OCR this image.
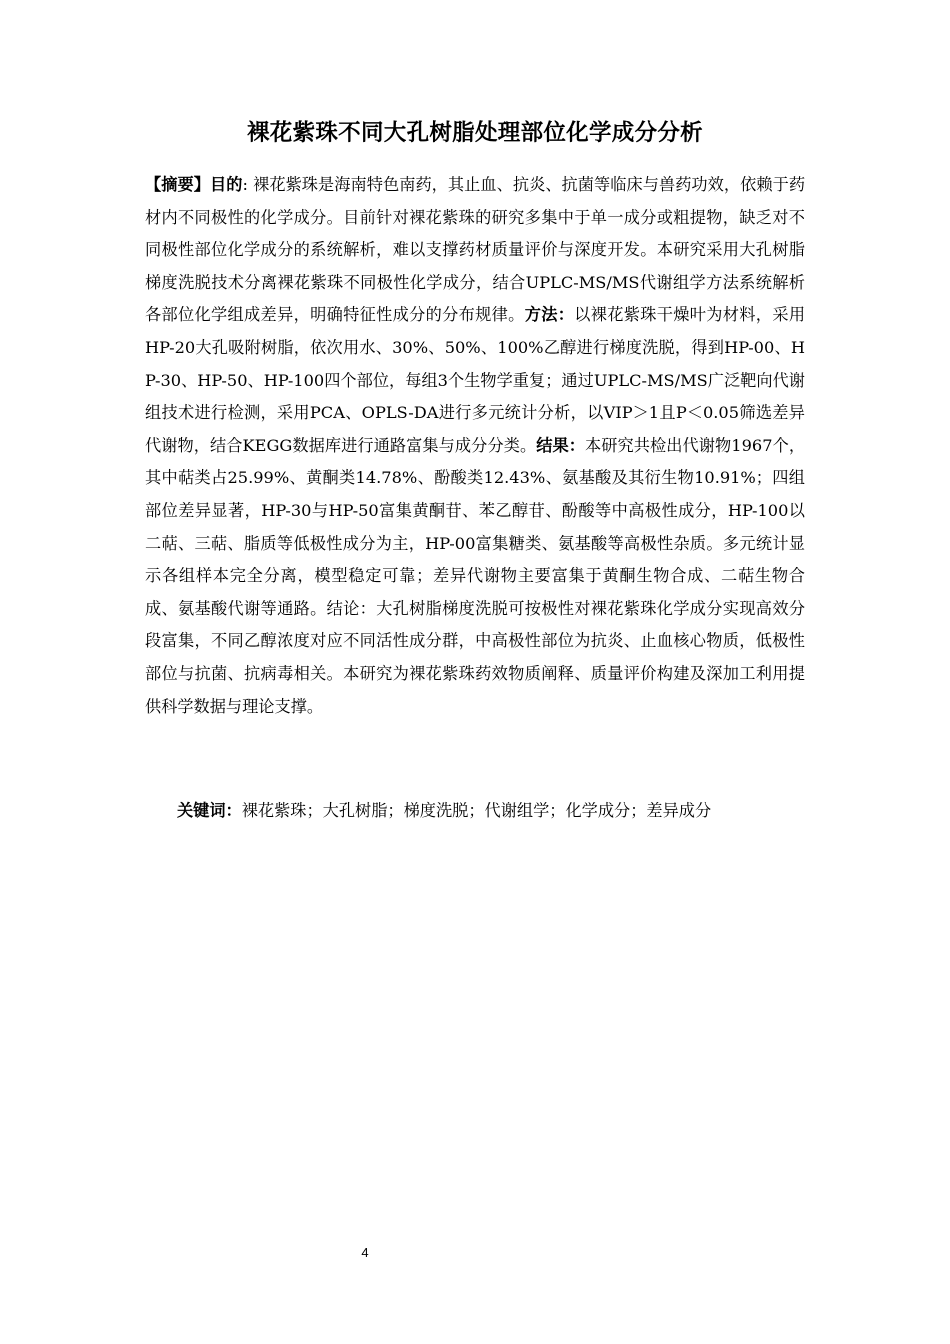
裸花紫珠不同大孔树脂处理部位化学成分分析
【摘要】目的: 裸花紫珠是海南特色南药，其止血、抗炎、抗菌等临床与兽药功效，依赖于药材内不同极性的化学成分。目前针对裸花紫珠的研究多集中于单一成分或粗提物，缺乏对不同极性部位化学成分的系统解析，难以支撑药材质量评价与深度开发。本研究采用大孔树脂梯度洗脱技术分离裸花紫珠不同极性化学成分，结合UPLC-MS/MS代谢组学方法系统解析各部位化学组成差异，明确特征性成分的分布规律。方法：以裸花紫珠干燥叶为材料，采用HP-20大孔吸附树脂，依次用水、30%、50%、100%乙醇进行梯度洗脱，得到HP-00、HP-30、HP-50、HP-100四个部位，每组3个生物学重复；通过UPLC-MS/MS广泛靶向代谢组技术进行检测，采用PCA、OPLS-DA进行多元统计分析，以VIP＞1且P＜0.05筛选差异代谢物，结合KEGG数据库进行通路富集与成分分类。结果：本研究共检出代谢物1967个，其中萜类占25.99%、黄酮类14.78%、酚酸类12.43%、氨基酸及其衍生物10.91%；四组部位差异显著，HP-30与HP-50富集黄酮苷、苯乙醇苷、酚酸等中高极性成分，HP-100以二萜、三萜、脂质等低极性成分为主，HP-00富集糖类、氨基酸等高极性杂质。多元统计显示各组样本完全分离，模型稳定可靠；差异代谢物主要富集于黄酮生物合成、二萜生物合成、氨基酸代谢等通路。结论：大孔树脂梯度洗脱可按极性对裸花紫珠化学成分实现高效分段富集，不同乙醇浓度对应不同活性成分群，中高极性部位为抗炎、止血核心物质，低极性部位与抗菌、抗病毒相关。本研究为裸花紫珠药效物质阐释、质量评价构建及深加工利用提供科学数据与理论支撑。
关键词：裸花紫珠；大孔树脂；梯度洗脱；代谢组学；化学成分；差异成分
4
